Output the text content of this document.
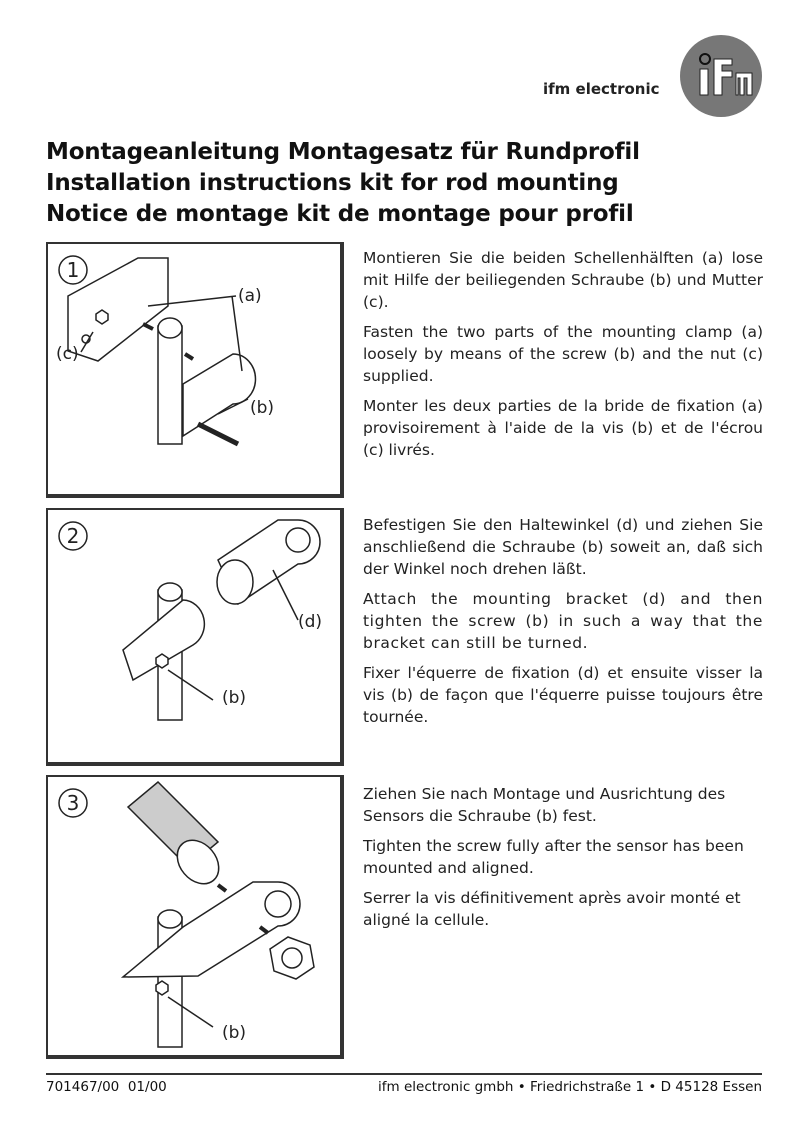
ifm electronic
Montageanleitung Montagesatz für Rundprofil
Installation instructions kit for rod mounting
Notice de montage kit de montage pour profil
1
(a)
(c)
(b)

Montieren Sie die beiden Schellenhälften (a) lose mit Hilfe der beiliegenden Schraube (b) und Mutter (c).

Fasten the two parts of the mounting clamp (a) loosely by means of the screw (b) and the nut (c) supplied.

Monter les deux parties de la bride de fixation (a) provisoirement à l'aide de la vis (b) et de l'écrou (c) livrés.

2
(d)
(b)

Befestigen Sie den Haltewinkel (d) und ziehen Sie anschließend die Schraube (b) soweit an, daß sich der Winkel noch drehen läßt.

Attach the mounting bracket (d) and then tighten the screw (b) in such a way that the bracket can still be turned.

Fixer l'équerre de fixation (d) et ensuite visser la vis (b) de façon que l'équerre puisse toujours être tournée.

3
(b)

Ziehen Sie nach Montage und Ausrichtung des Sensors die Schraube (b) fest.

Tighten the screw fully after the sensor has been mounted and aligned.

Serrer la vis définitivement après avoir monté et aligné la cellule.

701467/00  01/00	ifm electronic gmbh • Friedrichstraße 1 • D 45128 Essen
